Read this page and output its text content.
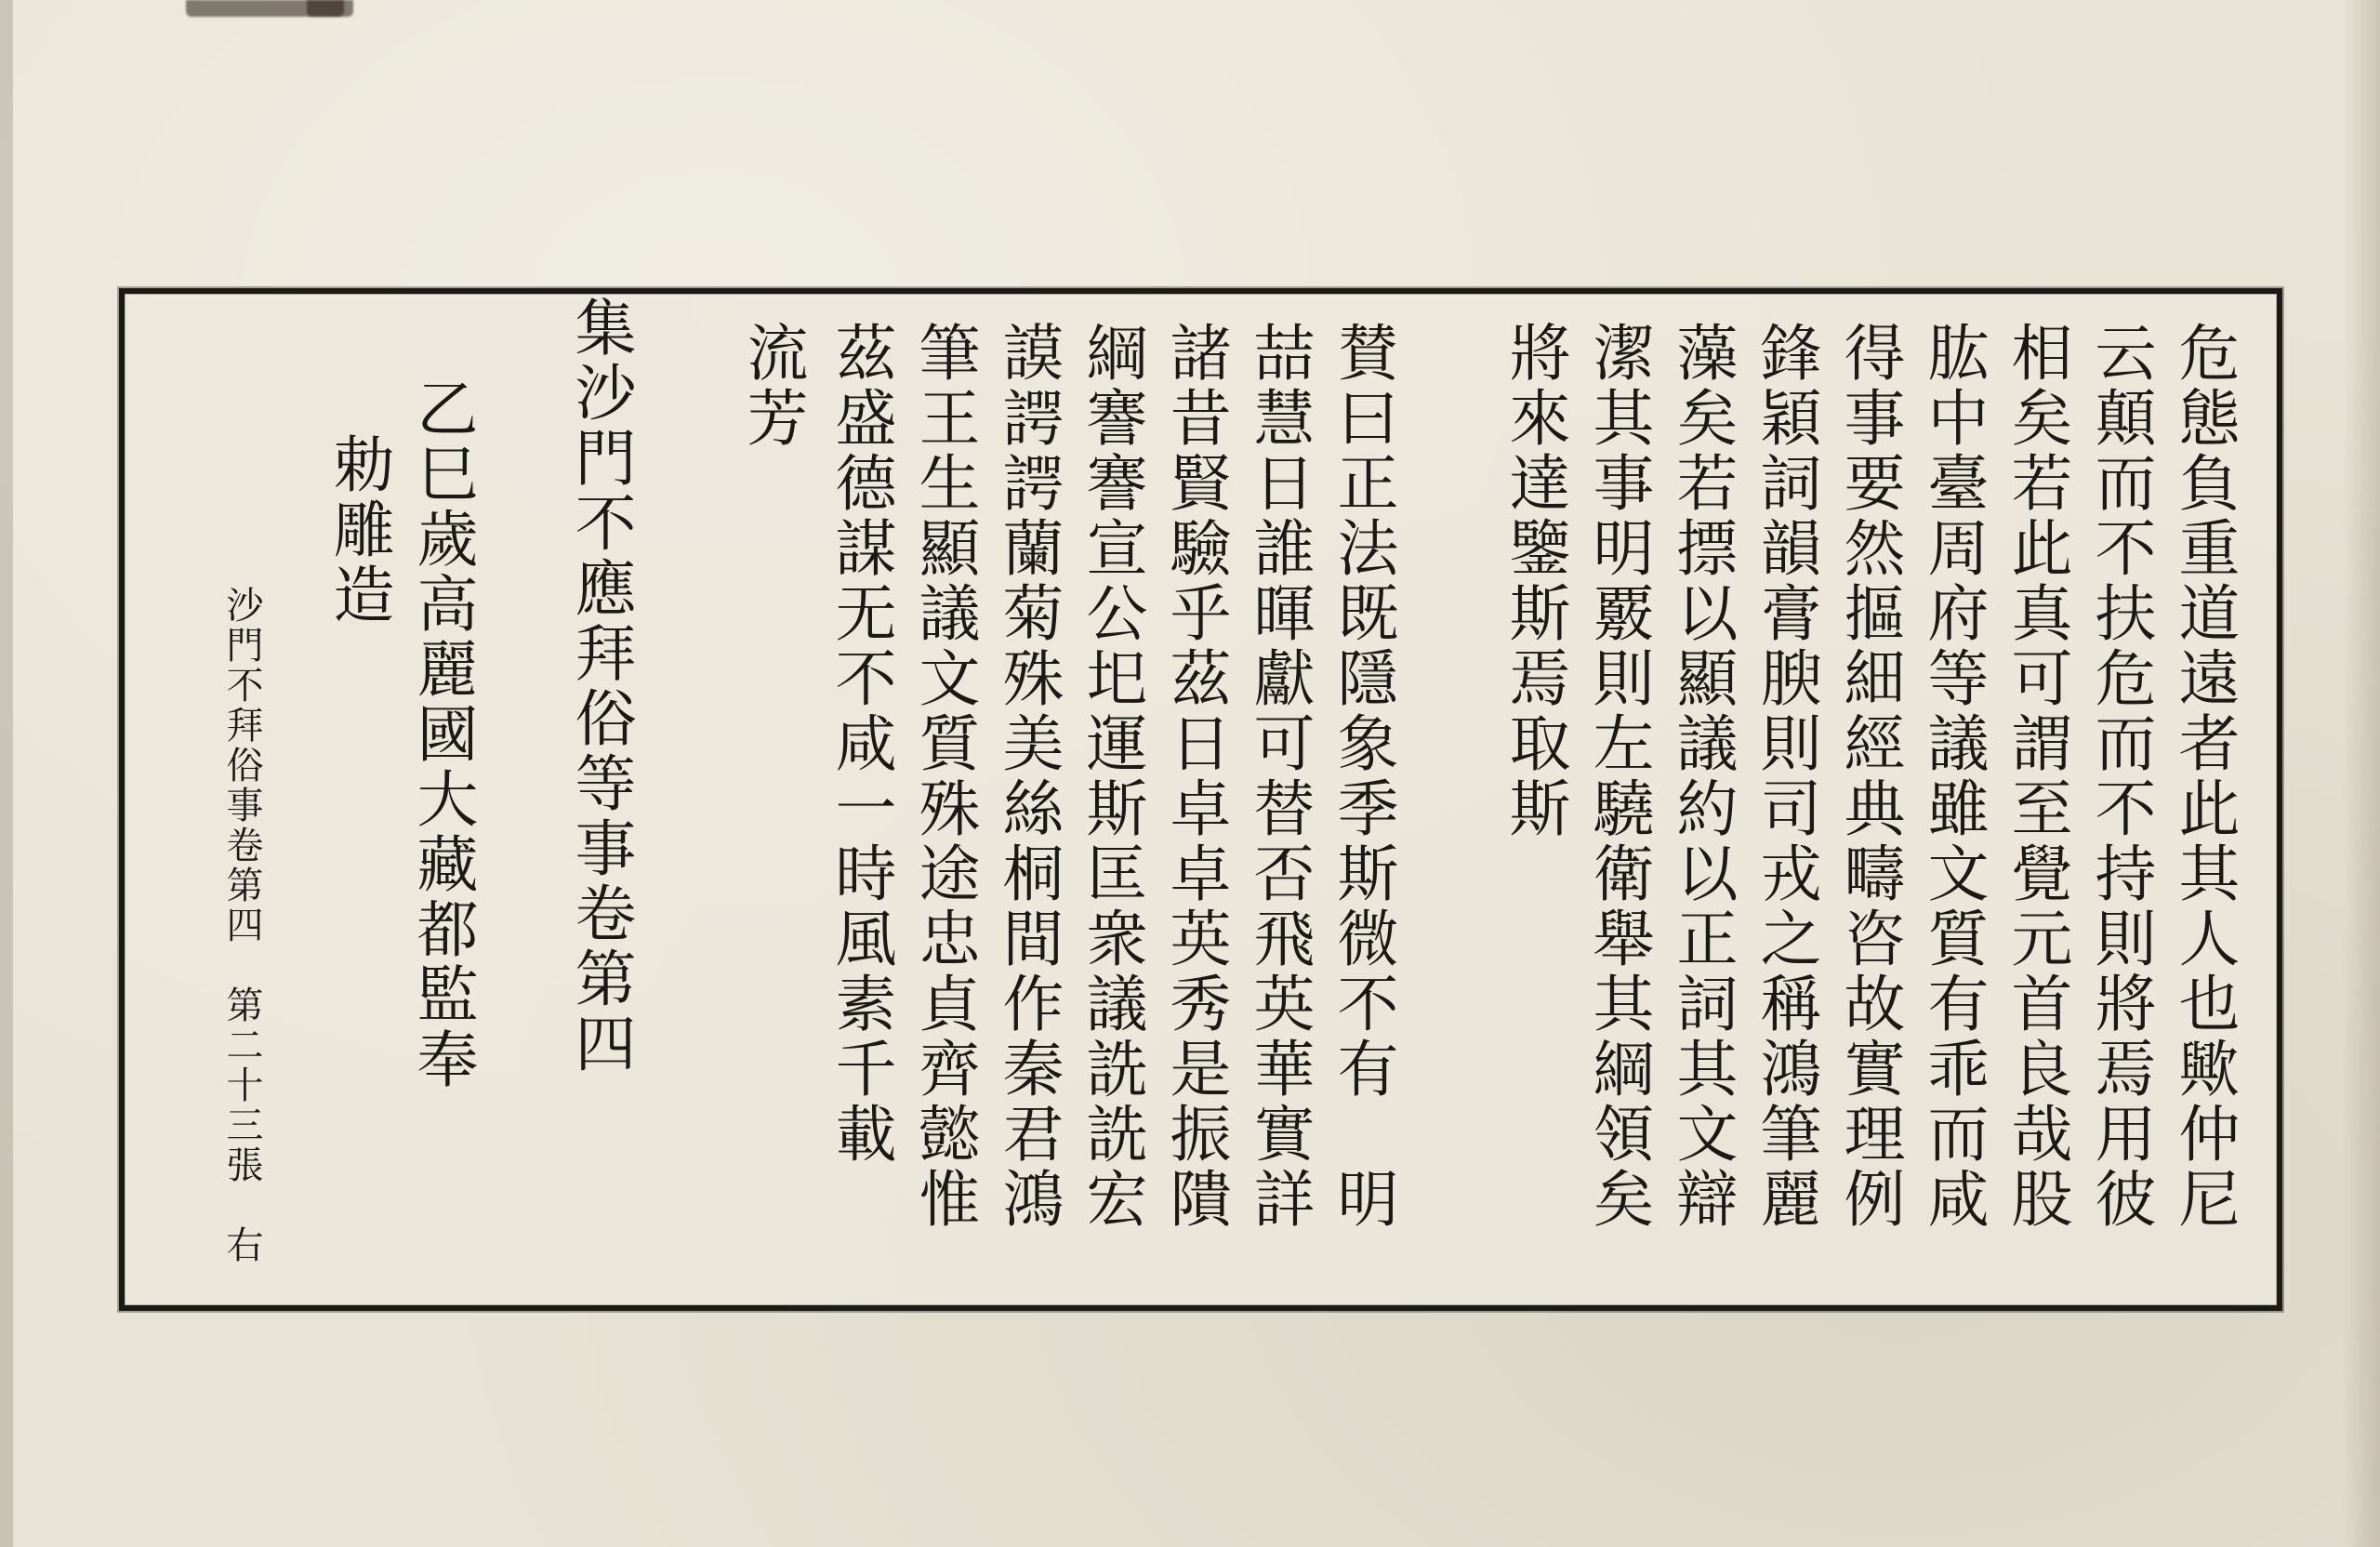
危態負重道遠者此其人也歟仲尼
云顛而不扶危而不持則將焉用彼
相矣若此真可謂至覺元首良哉股
肱中臺周府等議雖文質有乖而咸
得事要然摳細經典疇咨故實理例
鋒穎詞韻膏腴則司戎之稱鴻筆麗
藻矣若摽以顯議約以正詞其文辯
潔其事明覈則左驍衛舉其綱領矣
將來達鑒斯焉取斯
賛曰正法既隱象季斯微不有　明
喆慧日誰暉獻可替否飛英華實詳
諸昔賢驗乎茲日卓卓英秀是振隤
綱謇謇宣公圯運斯匡衆議詵詵宏
謨諤諤蘭菊殊美絲桐間作秦君鴻
筆王生顯議文質殊途忠貞齊懿惟
茲盛德謀无不咸一時風素千載
流芳
集沙門不應拜俗等事卷第四
乙巳歲高麗國大藏都監奉
勅雕造
沙門不拜俗事卷第四　第二十三張　右
